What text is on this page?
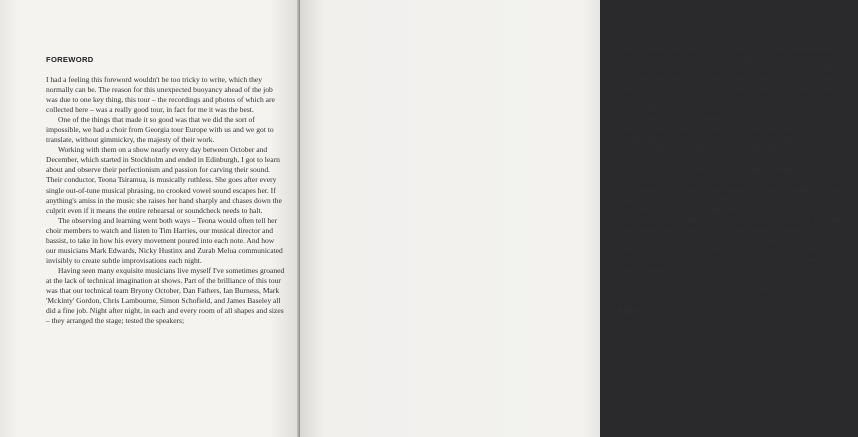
FOREWORD

I had a feeling this foreword wouldn't be too tricky to write, which they normally can be. The reason for this unexpected buoyancy ahead of the job was due to one key thing, this tour – the recordings and photos of which are collected here – was a really good tour, in fact for me it was the best.

One of the things that made it so good was that we did the sort of impossible, we had a choir from Georgia tour Europe with us and we got to translate, without gimmickry, the majesty of their work.

Working with them on a show nearly every day between October and December, which started in Stockholm and ended in Edinburgh, I got to learn about and observe their perfectionism and passion for carving their sound. Their conductor, Teona Tsiramua, is musically ruthless. She goes after every single out-of-tune musical phrasing, no crooked vowel sound escapes her. If anything's amiss in the music she raises her hand sharply and chases down the culprit even if it means the entire rehearsal or soundcheck needs to halt.

The observing and learning went both ways – Teona would often tell her choir members to watch and listen to Tim Harries, our musical director and bassist, to take in how his every movement poured into each note. And how our musicians Mark Edwards, Nicky Hustinx and Zurab Melua communicated invisibly to create subtle improvisations each night.

Having seen many exquisite musicians live myself I've sometimes groaned at the lack of technical imagination at shows. Part of the brilliance of this tour was that our technical team Bryony October, Dan Fathers, Ian Burness, Mark 'Mckinty' Gordon, Chris Lambourne, Simon Schofield, and James Baseley all did a fine job. Night after night, in each and every room of all shapes and sizes – they arranged the stage; tested the speakers;

tuned the guitars; and placed microphones with exacting measurements to capture the choir and us musicians at our best.

When I come across Instagram photos from the tour I'm always taken by the softness and elegance of Karni & Saul's visual work. We have gathered some of Karni's best photos in this booklet, though we can't convey the scale in some of the venues (the 3 screens combined at the largest arenas were 50 metres wide!) The majority of our touring industry at this scale has a certain aesthetic, let's just call it, unsubtle. Everything has to go big and be full of fiery power. So I enjoyed greatly seeing Karni & Saul navigate the conversations – the fabric their projections were projected on, soft and luminous, not a hard surface in sight, and how the clarity of the lights and the rhythm of movement all combined those of us on stage and the aesthetic into a unified whole.

Looking after this grand ambition of giving the audience a special night was my manager Sumit Bothra from ATC Management. I respect him because like so many in our collective he's unafraid to be utterly truthful to the art, whatever form it may take. From helping to choose the venues as appropriately as possible to giving everyone the atmosphere and culture to thrive.

Maybe I'm biased and the whole thing has gone to my head. But when my oldest English friend Tom, a Londoner and the kind of friend I go to for honesty and uncompromising taste, sent me a message after the London show with, "Do you see this tour happening every other year? I honestly don't think people will tire of it!" ...that, for a Londoner to say about Londoners, was really something.

I hope you enjoy this concert as much as we did making it.

Katie x
